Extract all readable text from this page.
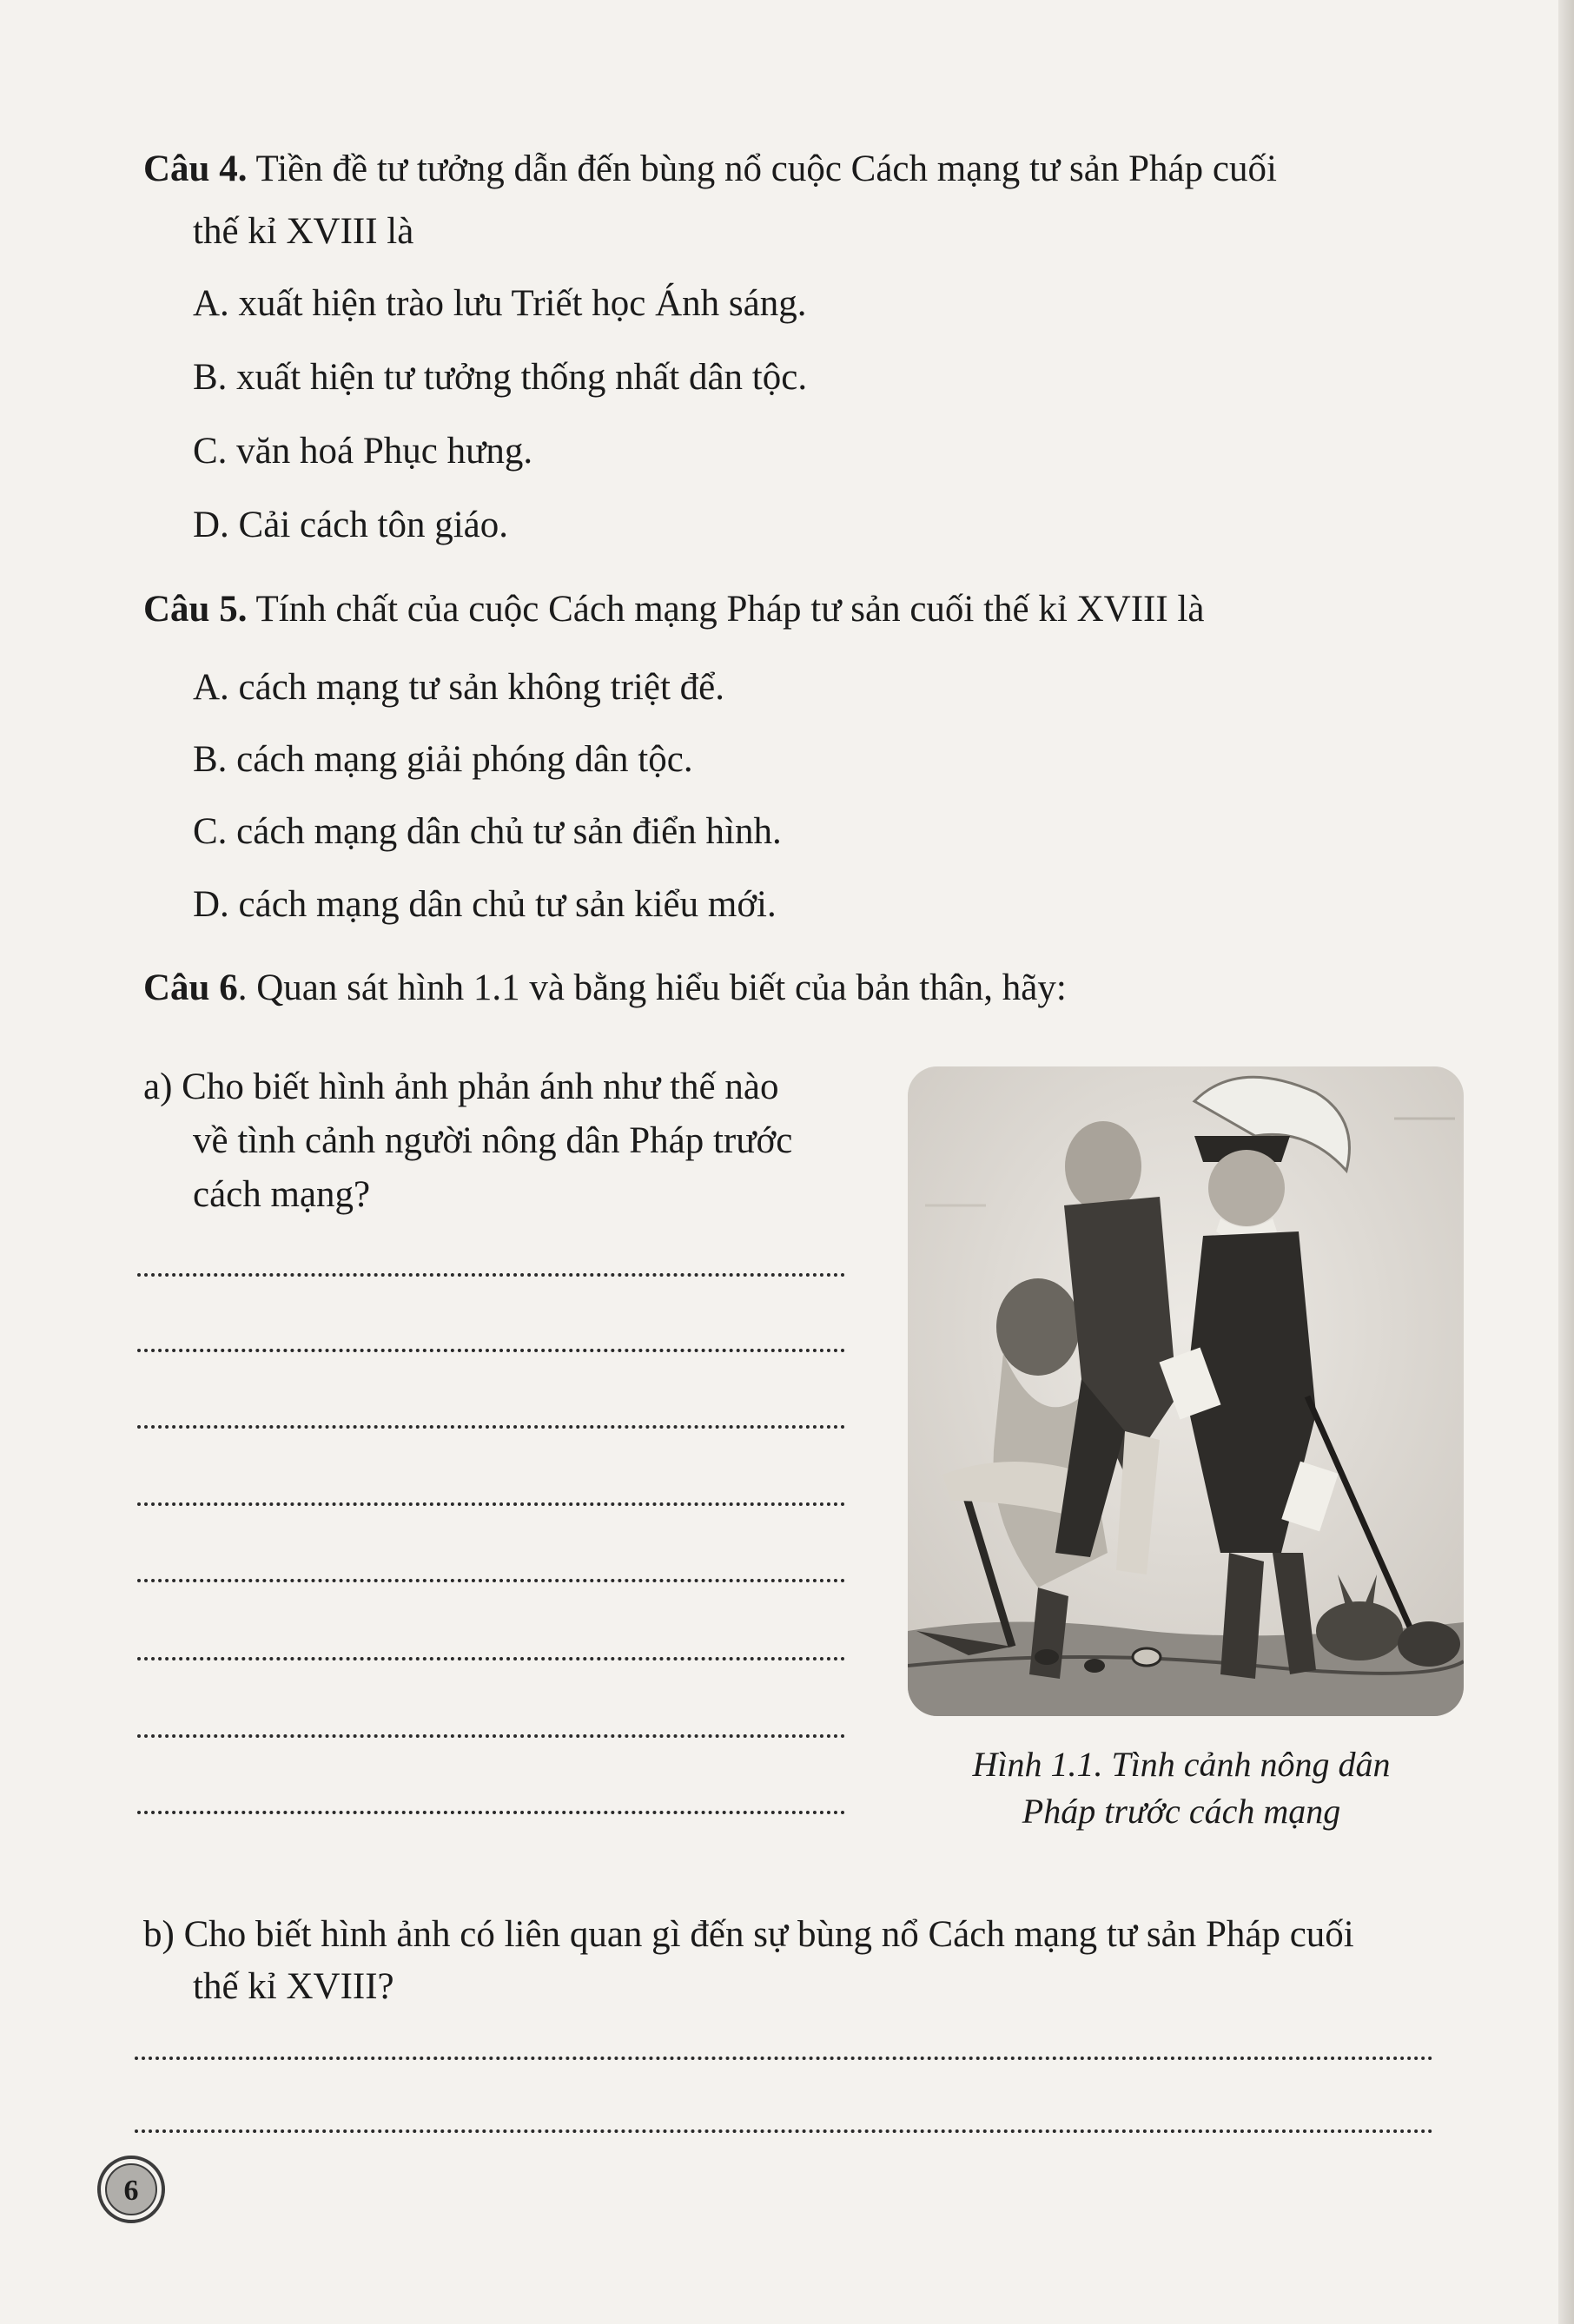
Câu 4. Tiền đề tư tưởng dẫn đến bùng nổ cuộc Cách mạng tư sản Pháp cuối
thế kỉ XVIII là
A. xuất hiện trào lưu Triết học Ánh sáng.
B. xuất hiện tư tưởng thống nhất dân tộc.
C. văn hoá Phục hưng.
D. Cải cách tôn giáo.
Câu 5. Tính chất của cuộc Cách mạng Pháp tư sản cuối thế kỉ XVIII là
A. cách mạng tư sản không triệt để.
B. cách mạng giải phóng dân tộc.
C. cách mạng dân chủ tư sản điển hình.
D. cách mạng dân chủ tư sản kiểu mới.
Câu 6. Quan sát hình 1.1 và bằng hiểu biết của bản thân, hãy:
a) Cho biết hình ảnh phản ánh như thế nào
về tình cảnh người nông dân Pháp trước
cách mạng?
Hình 1.1. Tình cảnh nông dân
Pháp trước cách mạng
b) Cho biết hình ảnh có liên quan gì đến sự bùng nổ Cách mạng tư sản Pháp cuối
thế kỉ XVIII?
6
